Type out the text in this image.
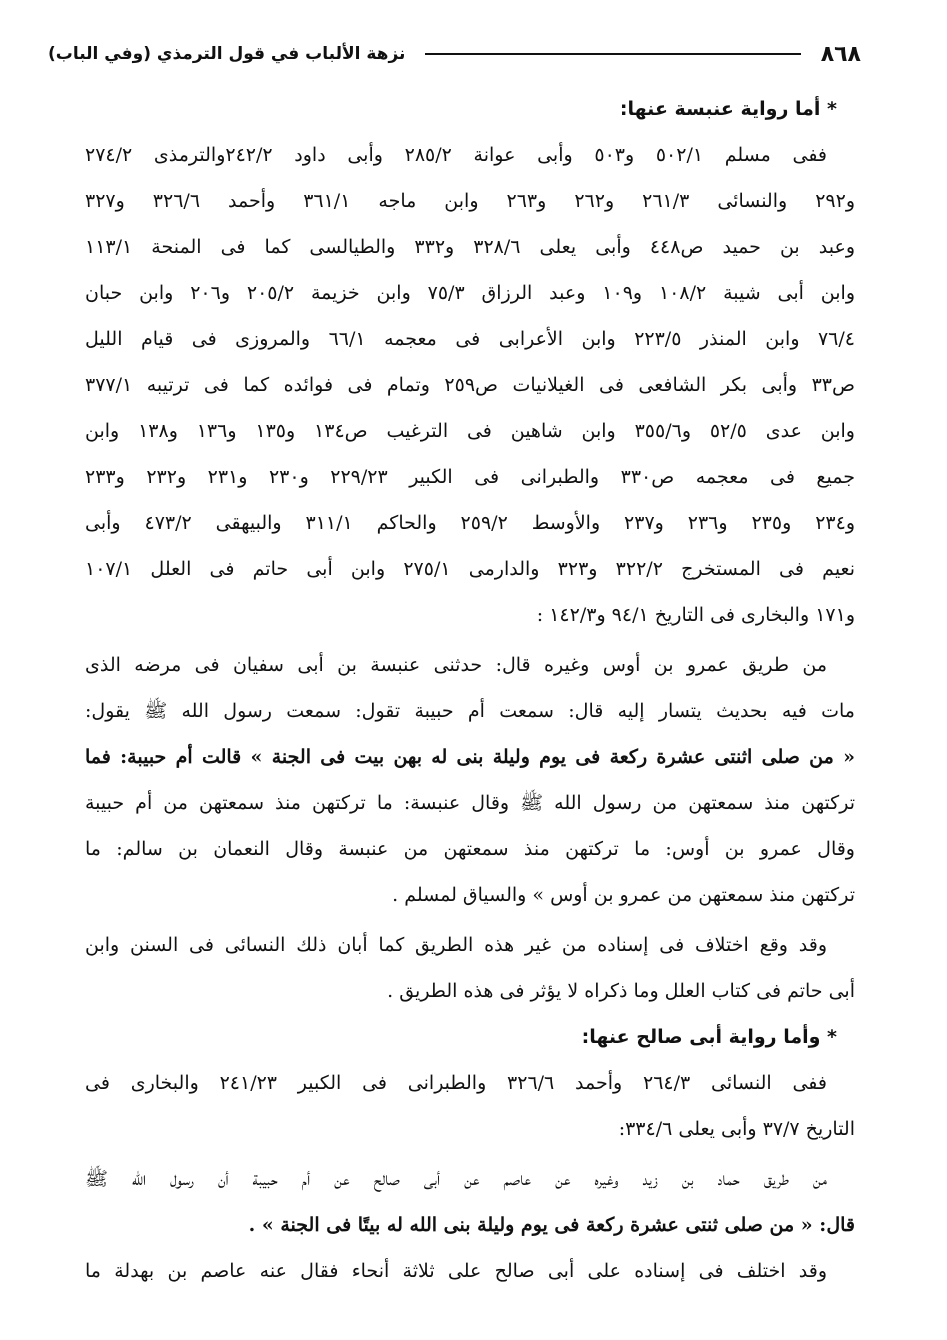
٨٦٨
نزهة الألباب في قول الترمذي (وفي الباب)
* أما رواية عنبسة عنها:
ففى مسلم ٥٠٢/١ و٥٠٣ وأبى عوانة ٢٨٥/٢ وأبى داود ٢٤٢/٢والترمذى ٢٧٤/٢
و٢٩٢ والنسائى ٢٦١/٣ و٢٦٢ و٢٦٣ وابن ماجه ٣٦١/١ وأحمد ٣٢٦/٦ و٣٢٧
وعبد بن حميد ص٤٤٨ وأبى يعلى ٣٢٨/٦ و٣٣٢ والطيالسى كما فى المنحة ١١٣/١
وابن أبى شيبة ١٠٨/٢ و١٠٩ وعبد الرزاق ٧٥/٣ وابن خزيمة ٢٠٥/٢ و٢٠٦ وابن حبان
٧٦/٤ وابن المنذر ٢٢٣/٥ وابن الأعرابى فى معجمه ٦٦/١ والمروزى فى قيام الليل
ص٣٣ وأبى بكر الشافعى فى الغيلانيات ص٢٥٩ وتمام فى فوائده كما فى ترتيبه ٣٧٧/١
وابن عدى ٥٢/٥ و٣٥٥/٦ وابن شاهين فى الترغيب ص١٣٤ و١٣٥ و١٣٦ و١٣٨ وابن
جميع فى معجمه ص٣٣٠ والطبرانى فى الكبير ٢٢٩/٢٣ و٢٣٠ و٢٣١ و٢٣٢ و٢٣٣
و٢٣٤ و٢٣٥ و٢٣٦ و٢٣٧ والأوسط ٢٥٩/٢ والحاكم ٣١١/١ والبيهقى ٤٧٣/٢ وأبى
نعيم فى المستخرج ٣٢٢/٢ و٣٢٣ والدارمى ٢٧٥/١ وابن أبى حاتم فى العلل ١٠٧/١
و١٧١ والبخارى فى التاريخ ٩٤/١ و١٤٢/٣ :
من طريق عمرو بن أوس وغيره قال: حدثنى عنبسة بن أبى سفيان فى مرضه الذى
مات فيه بحديث يتسار إليه قال: سمعت أم حبيبة تقول: سمعت رسول الله ﷺ يقول:
« من صلى اثنتى عشرة ركعة فى يوم وليلة بنى له بهن بيت فى الجنة » قالت أم حبيبة: فما
تركتهن منذ سمعتهن من رسول الله ﷺ وقال عنبسة: ما تركتهن منذ سمعتهن من أم حبيبة
وقال عمرو بن أوس: ما تركتهن منذ سمعتهن من عنبسة وقال النعمان بن سالم: ما
تركتهن منذ سمعتهن من عمرو بن أوس » والسياق لمسلم .
وقد وقع اختلاف فى إسناده من غير هذه الطريق كما أبان ذلك النسائى فى السنن وابن
أبى حاتم فى كتاب العلل وما ذكراه لا يؤثر فى هذه الطريق .
* وأما رواية أبى صالح عنها:
ففى النسائى ٢٦٤/٣ وأحمد ٣٢٦/٦ والطبرانى فى الكبير ٢٤١/٢٣ والبخارى فى
التاريخ ٣٧/٧ وأبى يعلى ٣٣٤/٦:
من طريق حماد بن زيد وغيره عن عاصم عن أبى صالح عن أم حبيبة أن رسول الله ﷺ
قال: « من صلى ثنتى عشرة ركعة فى يوم وليلة بنى الله له بيتًا فى الجنة » .
وقد اختلف فى إسناده على أبى صالح على ثلاثة أنحاء فقال عنه عاصم بن بهدلة ما
